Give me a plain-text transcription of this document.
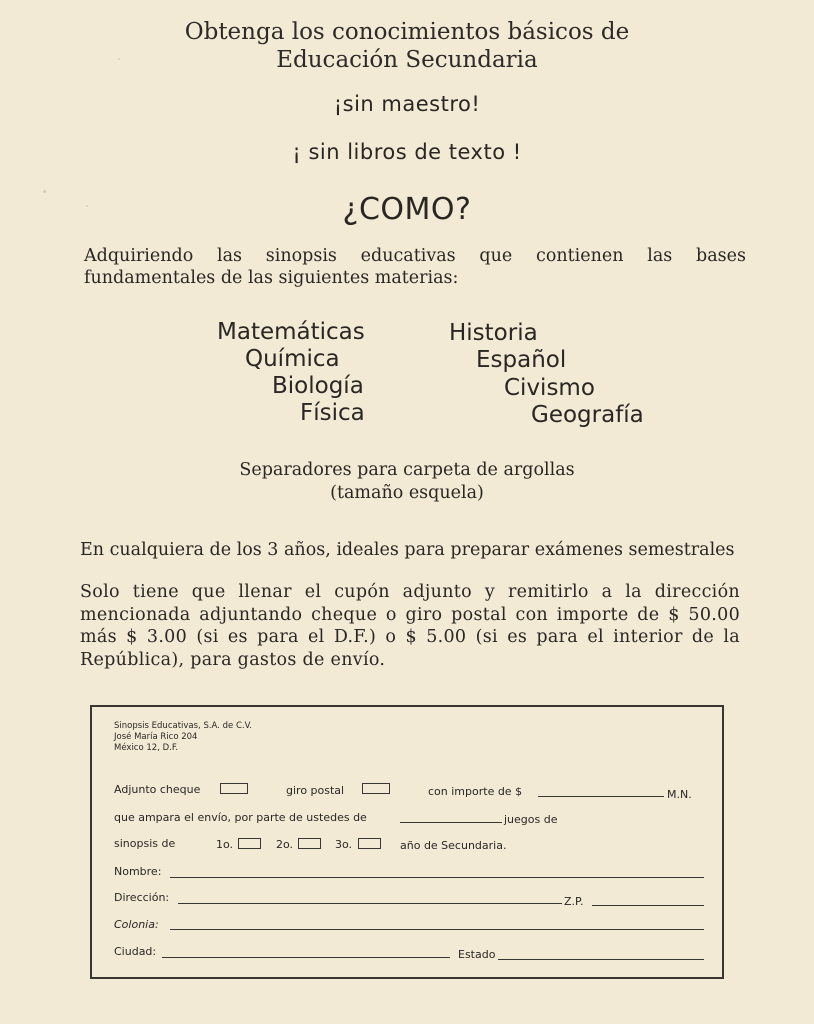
Obtenga los conocimientos básicos de
Educación Secundaria
¡sin maestro!
¡ sin libros de texto !
¿COMO?
Adquiriendo las sinopsis educativas que contienen las bases fundamentales de las siguientes materias:
Matemáticas
Química
Biología
Física
Historia
Español
Civismo
Geografía
Separadores para carpeta de argollas
(tamaño esquela)
En cualquiera de los 3 años, ideales para preparar exámenes semestrales
Solo tiene que llenar el cupón adjunto y remitirlo a la dirección mencionada adjuntando cheque o giro postal con importe de $ 50.00 más $ 3.00 (si es para el D.F.) o $ 5.00 (si es para el interior de la República), para gastos de envío.
Sinopsis Educativas, S.A. de C.V.
José María Rico 204
México 12, D.F.
Adjunto cheque	giro postal	con importe de $	M.N.
que ampara el envío, por parte de ustedes de	juegos de
sinopsis de	1o.	2o.	3o.	año de Secundaria.
Nombre:
Dirección:	Z.P.
Colonia:
Ciudad:	Estado
